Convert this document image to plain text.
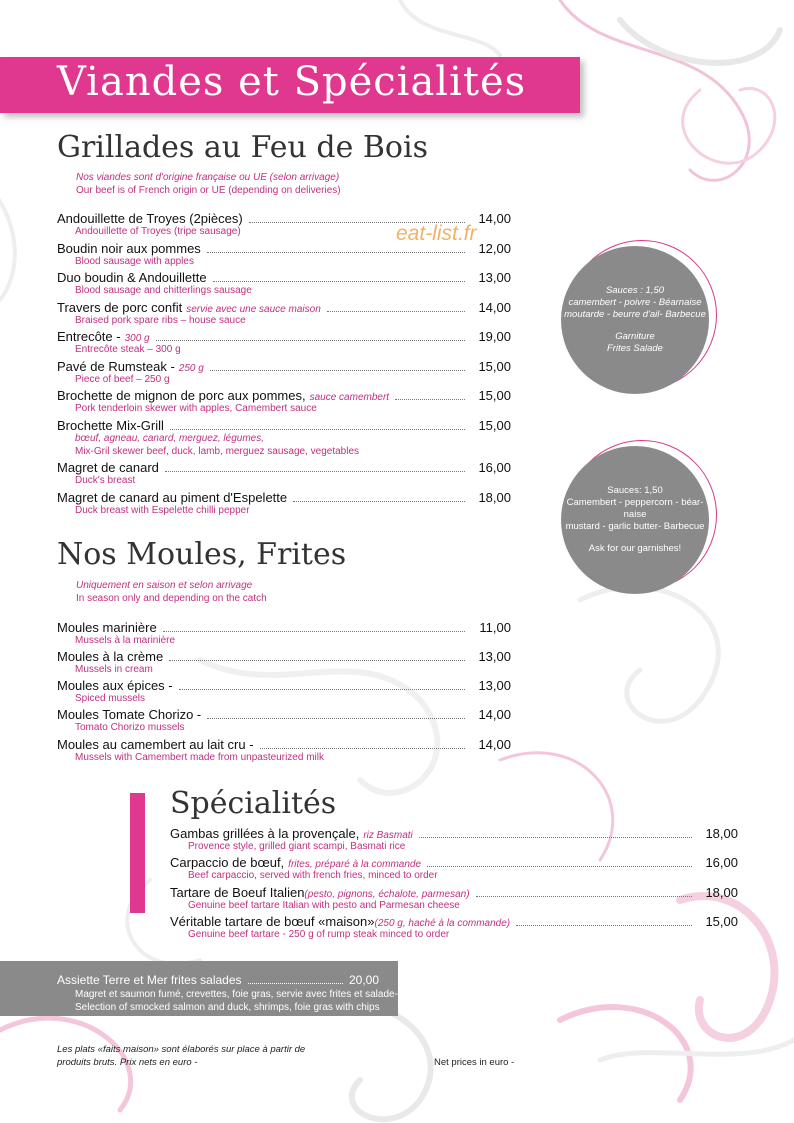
Viandes et Spécialités
eat-list.fr
Grillades au Feu de Bois
Nos viandes sont d'origine française ou UE (selon arrivage)
Our beef is of French origin or UE (depending on deliveries)
Andouillette de Troyes (2pièces)	14,00
Andouillette of Troyes (tripe sausage)
Boudin noir aux pommes	12,00
Blood sausage with apples
Duo boudin & Andouillette	13,00
Blood sausage and chitterlings sausage
Travers de porc confit servie avec une sauce maison	14,00
Braised pork spare ribs – house sauce
Entrecôte - 300 g	19,00
Entrecôte steak – 300 g
Pavé de Rumsteak - 250 g	15,00
Piece of beef – 250 g
Brochette de mignon de porc aux pommes, sauce camembert	15,00
Pork tenderloin skewer with apples, Camembert sauce
Brochette Mix-Grill	15,00
bœuf, agneau, canard, merguez, légumes,
Mix-Gril skewer beef, duck, lamb, merguez sausage, vegetables
Magret de canard	16,00
Duck's breast
Magret de canard au piment d'Espelette	18,00
Duck breast with Espelette chilli pepper
Sauces : 1,50
camembert - poivre - Béarnaise
moutarde - beurre d'ail- Barbecue
Garniture
Frites Salade
Sauces: 1,50
Camembert - peppercorn - béar-
naise
mustard - garlic butter- Barbecue
Ask for our garnishes!
Nos Moules, Frites
Uniquement en saison et selon arrivage
In season only and depending on the catch
Moules marinière	11,00
Mussels à la marinière
Moules à la crème	13,00
Mussels in cream
Moules aux épices -	13,00
Spiced mussels
Moules Tomate Chorizo -	14,00
Tomato Chorizo mussels
Moules au camembert au lait cru -	14,00
Mussels with Camembert made from unpasteurized milk
Spécialités
Gambas grillées à la provençale, riz Basmati	18,00
Provence style, grilled giant scampi, Basmati rice
Carpaccio de bœuf, frites, préparé à la commande	16,00
Beef carpaccio, served with french fries, minced to order
Tartare de Boeuf Italien (pesto, pignons, échalote, parmesan)	18,00
Genuine beef tartare Italian with pesto and Parmesan cheese
Véritable tartare de bœuf «maison» (250 g, haché à la commande)	15,00
Genuine beef tartare - 250 g of rump steak minced to order
Assiette Terre et Mer frites salades	20,00
Magret et saumon fumé, crevettes, foie gras, servie avec frites et salade-
Selection of smocked salmon and duck, shrimps, foie gras with chips
Les plats «faits maison» sont élaborés sur place à partir de
produits bruts. Prix nets en euro -	Net prices in euro -
